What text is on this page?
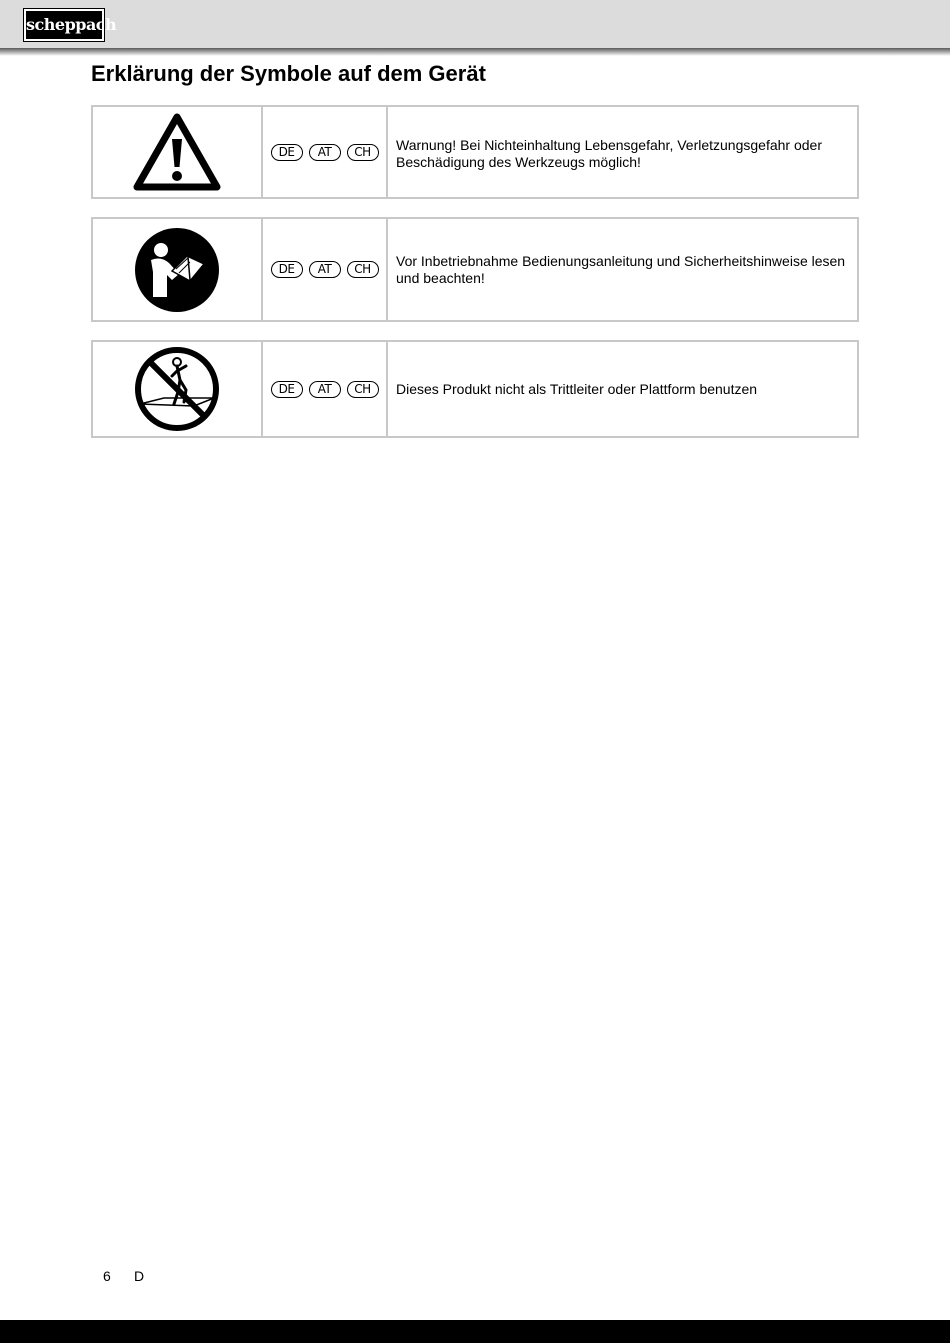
scheppach
Erklärung der Symbole auf dem Gerät
DE	AT	CH	Warnung! Bei Nichteinhaltung Lebensgefahr, Verletzungsgefahr oder Beschädigung des Werkzeugs möglich!
DE	AT	CH	Vor Inbetriebnahme Bedienungsanleitung und Sicherheitshinweise lesen und beachten!
DE	AT	CH	Dieses Produkt nicht als Trittleiter oder Plattform benutzen
6 D
